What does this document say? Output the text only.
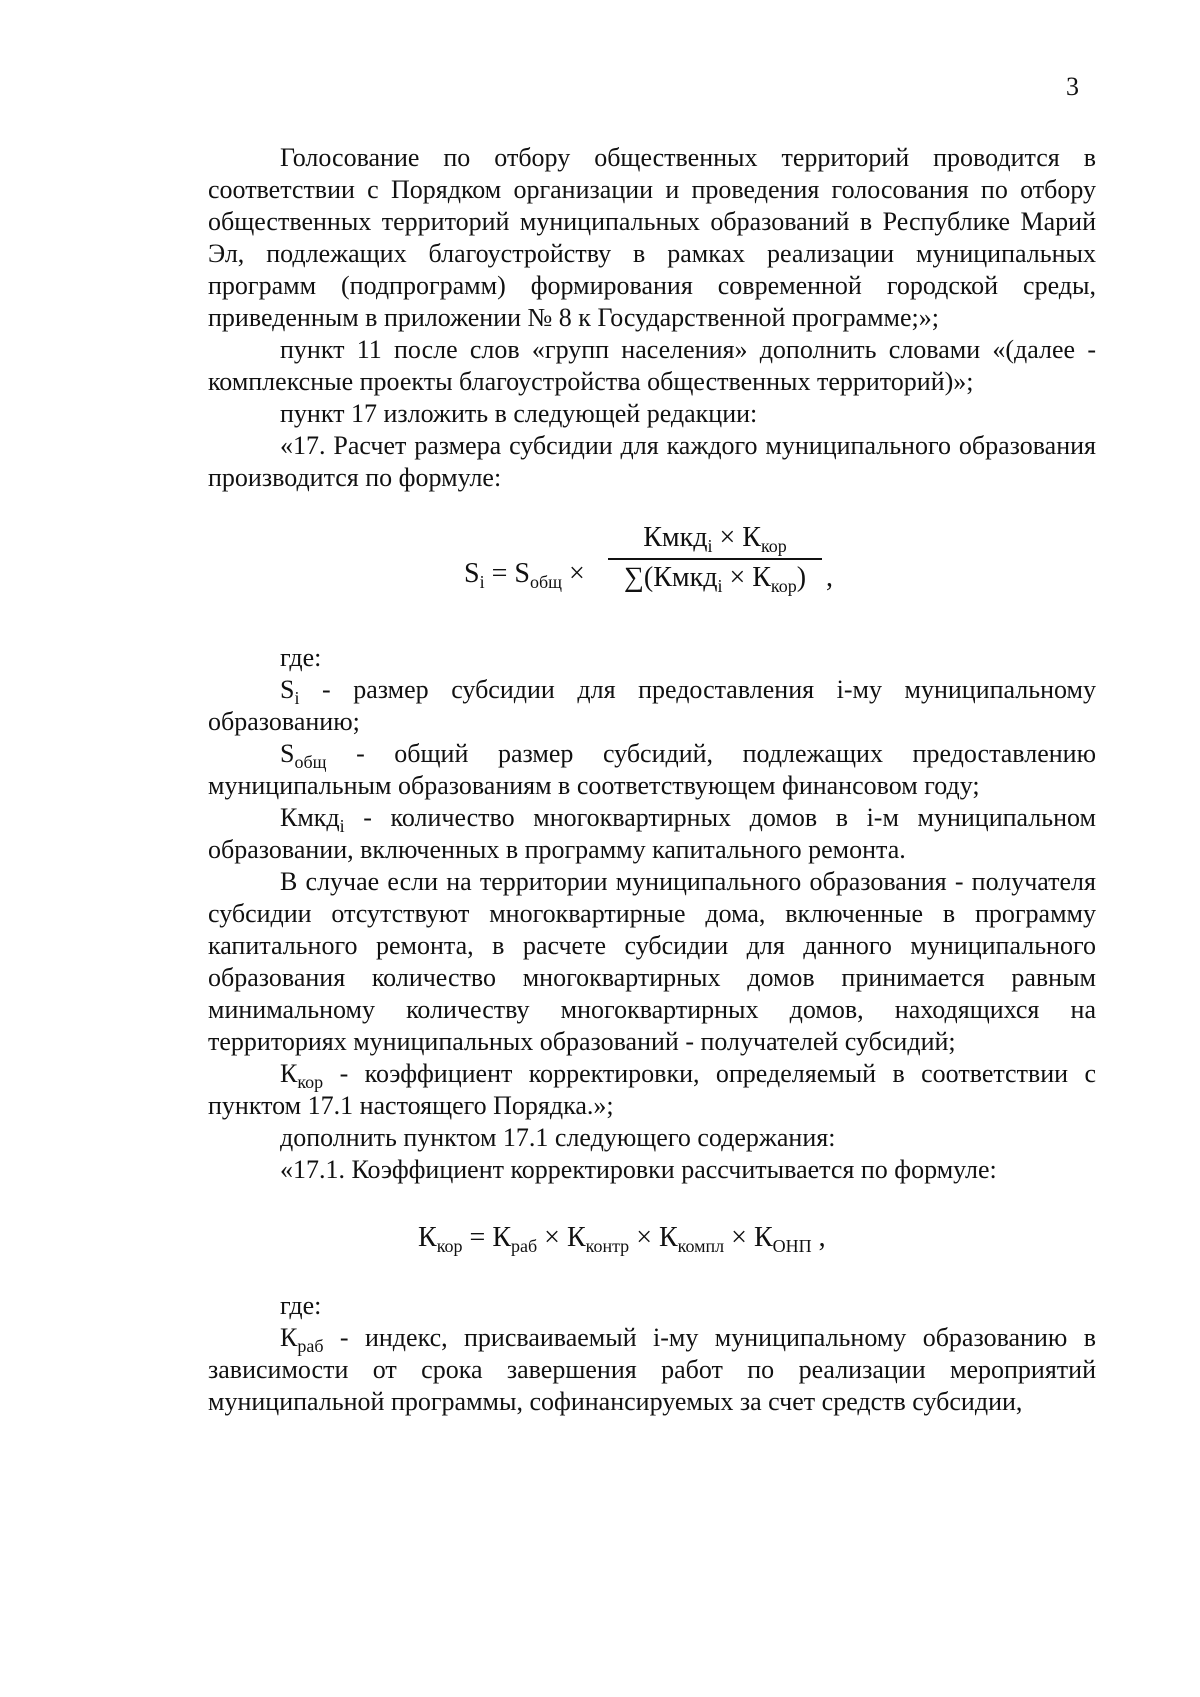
3

Голосование по отбору общественных территорий проводится в соответствии с Порядком организации и проведения голосования по отбору общественных территорий муниципальных образований в Республике Марий Эл, подлежащих благоустройству в рамках реализации муниципальных программ (подпрограмм) формирования современной городской среды, приведенным в приложении № 8 к Государственной программе;»;

пункт 11 после слов «групп населения» дополнить словами «(далее - комплексные проекты благоустройства общественных территорий)»;

пункт 17 изложить в следующей редакции:

«17. Расчет размера субсидии для каждого муниципального образования производится по формуле:

$S_i = S_{общ}$ ×
Кмкд$_i$ × $К_{кор}$
∑(Кмкд$_i$ × $К_{кор}$) ,

где:

$S_i$ - размер субсидии для предоставления i-му муниципальному образованию;

$S_{общ}$ - общий размер субсидий, подлежащих предоставлению муниципальным образованиям в соответствующем финансовом году;

Кмкд$_i$ - количество многоквартирных домов в i-м муниципальном образовании, включенных в программу капитального ремонта.

В случае если на территории муниципального образования - получателя субсидии отсутствуют многоквартирные дома, включенные в программу капитального ремонта, в расчете субсидии для данного муниципального образования количество многоквартирных домов принимается равным минимальному количеству многоквартирных домов, находящихся на территориях муниципальных образований - получателей субсидий;

$К_{кор}$ - коэффициент корректировки, определяемый в соответствии с пунктом 17.1 настоящего Порядка.»;

дополнить пунктом 17.1 следующего содержания:

«17.1. Коэффициент корректировки рассчитывается по формуле:

$К_{кор} = К_{раб} \times К_{контр} \times К_{компл} \times К_{ОНП}$ ,

где:

$К_{раб}$ - индекс, присваиваемый i-му муниципальному образованию в зависимости от срока завершения работ по реализации мероприятий муниципальной программы, софинансируемых за счет средств субсидии,
